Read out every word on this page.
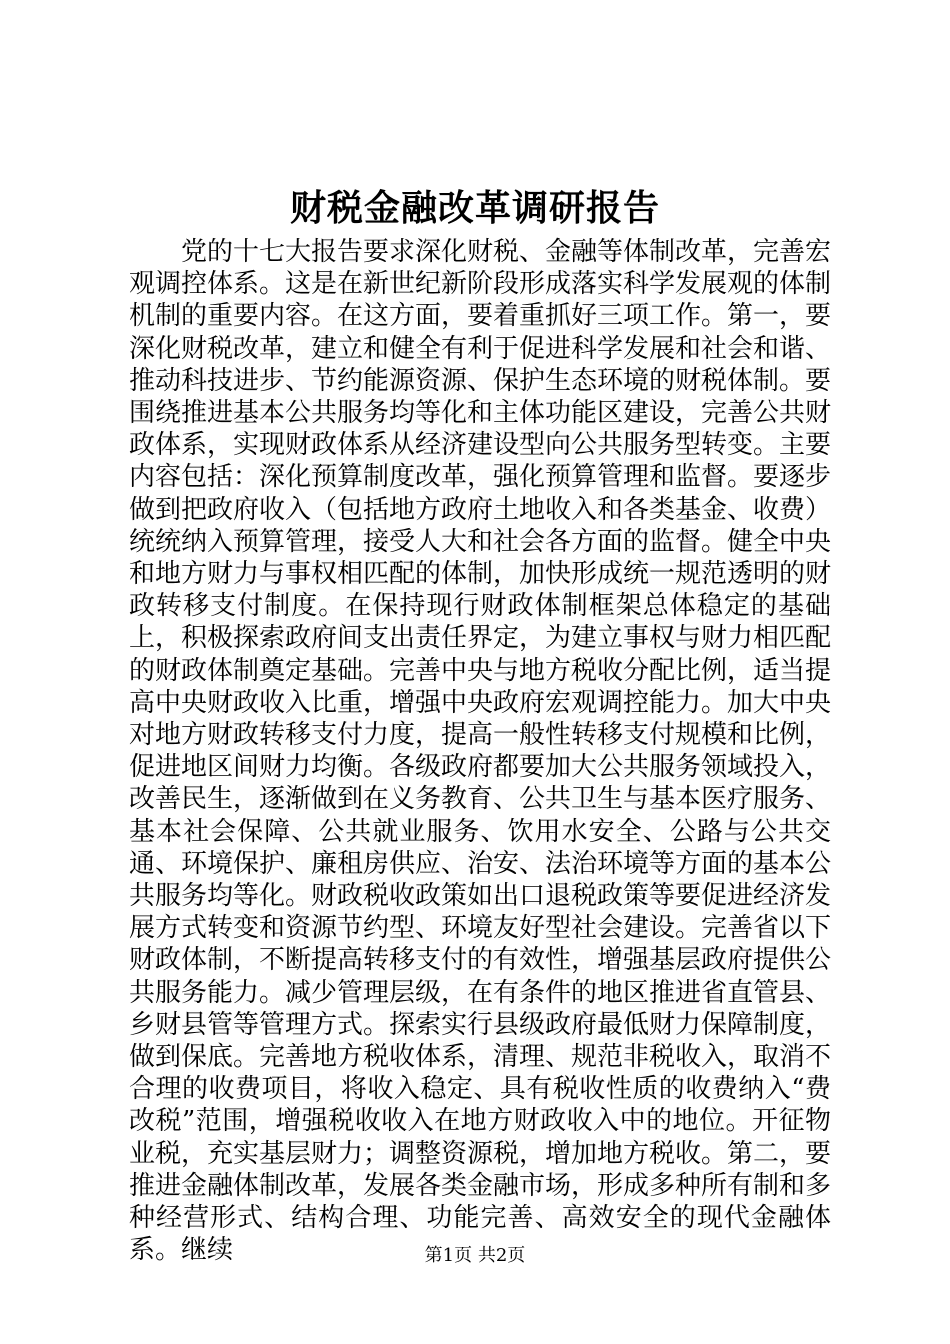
财税金融改革调研报告

党的十七大报告要求深化财税、金融等体制改革，完善宏观调控体系。这是在新世纪新阶段形成落实科学发展观的体制机制的重要内容。在这方面，要着重抓好三项工作。第一，要深化财税改革，建立和健全有利于促进科学发展和社会和谐、推动科技进步、节约能源资源、保护生态环境的财税体制。要围绕推进基本公共服务均等化和主体功能区建设，完善公共财政体系，实现财政体系从经济建设型向公共服务型转变。主要内容包括：深化预算制度改革，强化预算管理和监督。要逐步做到把政府收入（包括地方政府土地收入和各类基金、收费）统统纳入预算管理，接受人大和社会各方面的监督。健全中央和地方财力与事权相匹配的体制，加快形成统一规范透明的财政转移支付制度。在保持现行财政体制框架总体稳定的基础上，积极探索政府间支出责任界定，为建立事权与财力相匹配的财政体制奠定基础。完善中央与地方税收分配比例，适当提高中央财政收入比重，增强中央政府宏观调控能力。加大中央对地方财政转移支付力度，提高一般性转移支付规模和比例，促进地区间财力均衡。各级政府都要加大公共服务领域投入，改善民生，逐渐做到在义务教育、公共卫生与基本医疗服务、基本社会保障、公共就业服务、饮用水安全、公路与公共交通、环境保护、廉租房供应、治安、法治环境等方面的基本公共服务均等化。财政税收政策如出口退税政策等要促进经济发展方式转变和资源节约型、环境友好型社会建设。完善省以下财政体制，不断提高转移支付的有效性，增强基层政府提供公共服务能力。减少管理层级，在有条件的地区推进省直管县、乡财县管等管理方式。探索实行县级政府最低财力保障制度，做到保底。完善地方税收体系，清理、规范非税收入，取消不合理的收费项目，将收入稳定、具有税收性质的收费纳入“费改税”范围，增强税收收入在地方财政收入中的地位。开征物业税，充实基层财力；调整资源税，增加地方税收。第二，要推进金融体制改革，发展各类金融市场，形成多种所有制和多种经营形式、结构合理、功能完善、高效安全的现代金融体系。继续	第1页 共2页
